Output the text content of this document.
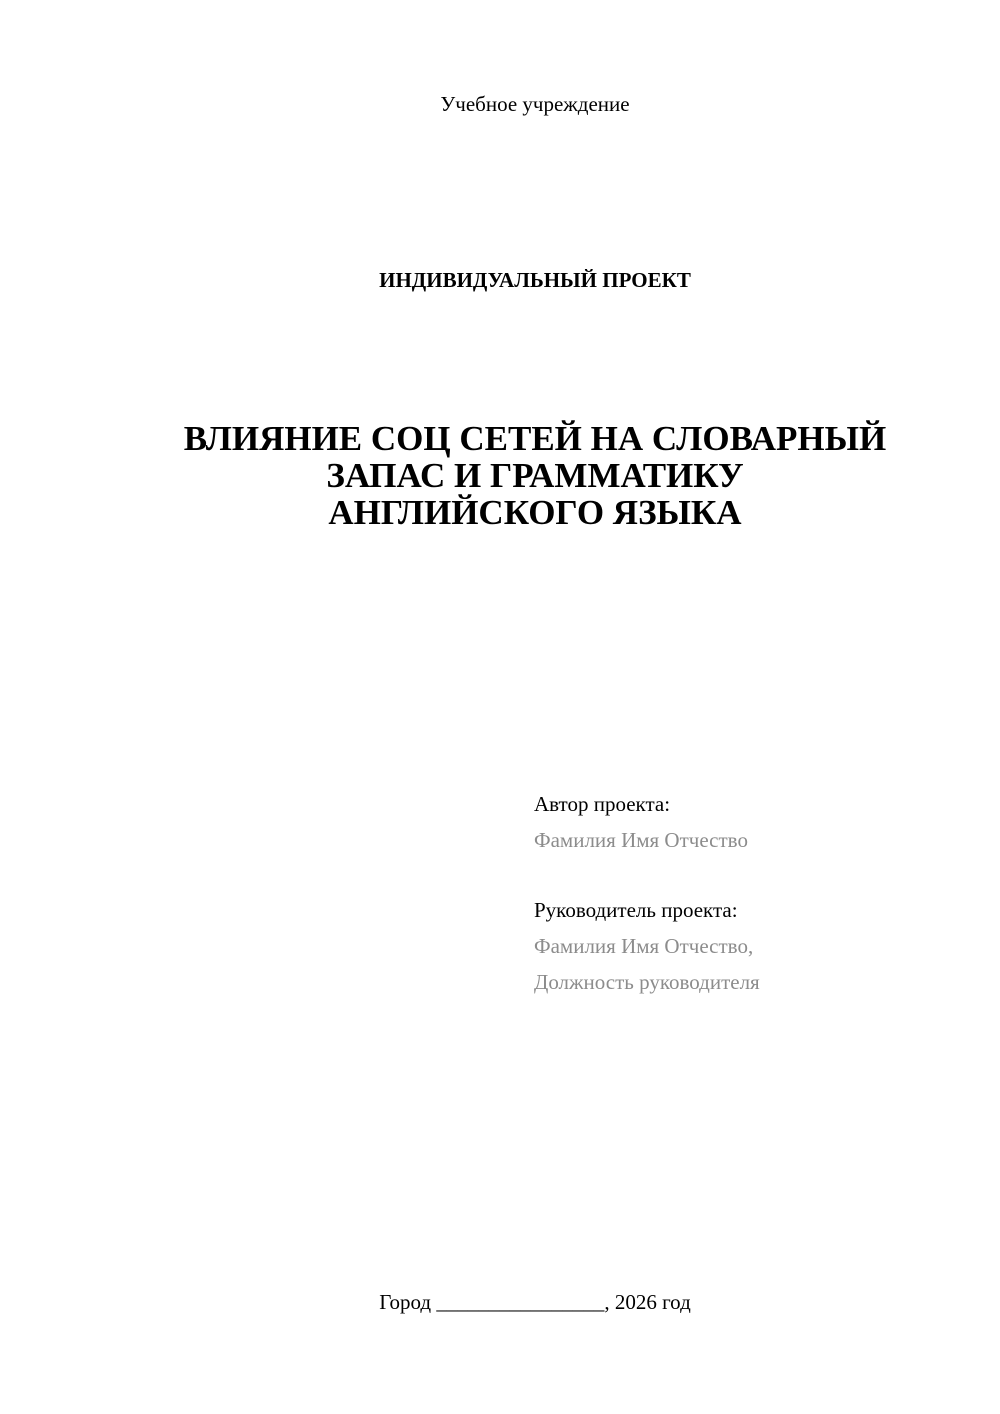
Учебное учреждение
ИНДИВИДУАЛЬНЫЙ ПРОЕКТ
ВЛИЯНИЕ СОЦ СЕТЕЙ НА СЛОВАРНЫЙ
ЗАПАС И ГРАММАТИКУ
АНГЛИЙСКОГО ЯЗЫКА
Автор проекта:
Фамилия Имя Отчество
Руководитель проекта:
Фамилия Имя Отчество,
Должность руководителя
Город ________________, 2026 год
